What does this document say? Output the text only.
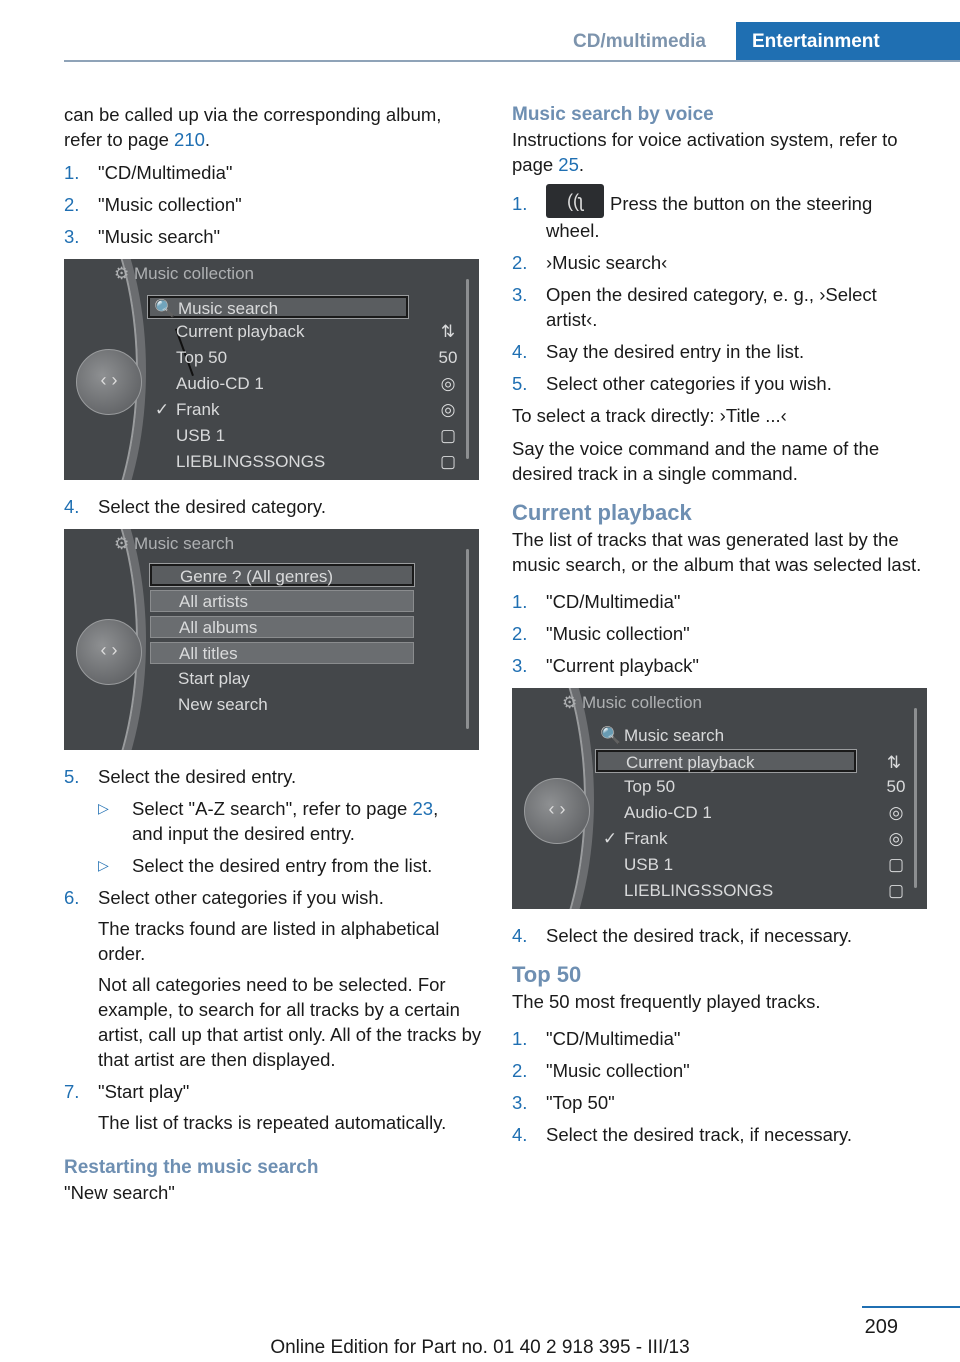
CD/multimedia	Entertainment

can be called up via the corresponding album,
refer to page 210.

1. "CD/Multimedia"
2. "Music collection"
3. "Music search"
‹ ›
⚙ Music collection
🔍 Music search
Current playback	⇅
Top 50	50
Audio-CD 1	◎
✓ Frank	◎
USB 1	▢
LIEBLINGSSONGS	▢
4. Select the desired category.
‹ ›
⚙ Music search
Genre ? (All genres)
All artists
All albums
All titles
Start play
New search
5. Select the desired entry.
▷ Select "A-Z search", refer to page 23,
and input the desired entry.
▷ Select the desired entry from the list.
6. Select other categories if you wish.
The tracks found are listed in alphabetical order.
Not all categories need to be selected. For example, to search for all tracks by a certain artist, call up that artist only. All of the tracks by that artist are then displayed.
7. "Start play"
The list of tracks is repeated automatically.

Restarting the music search

"New search"

Music search by voice

Instructions for voice activation system, refer to page 25.

1. ((ʅ Press the button on the steering wheel.
2. ›Music search‹
3. Open the desired category, e. g., ›Select artist‹.
4. Say the desired entry in the list.
5. Select other categories if you wish.

To select a track directly: ›Title ...‹

Say the voice command and the name of the desired track in a single command.

Current playback

The list of tracks that was generated last by the music search, or the album that was selected last.

1. "CD/Multimedia"
2. "Music collection"
3. "Current playback"
‹ ›
⚙ Music collection
🔍 Music search
Current playback	⇅
Top 50	50
Audio-CD 1	◎
✓ Frank	◎
USB 1	▢
LIEBLINGSSONGS	▢
4. Select the desired track, if necessary.

Top 50

The 50 most frequently played tracks.

1. "CD/Multimedia"
2. "Music collection"
3. "Top 50"
4. Select the desired track, if necessary.
209
Online Edition for Part no. 01 40 2 918 395 - III/13
